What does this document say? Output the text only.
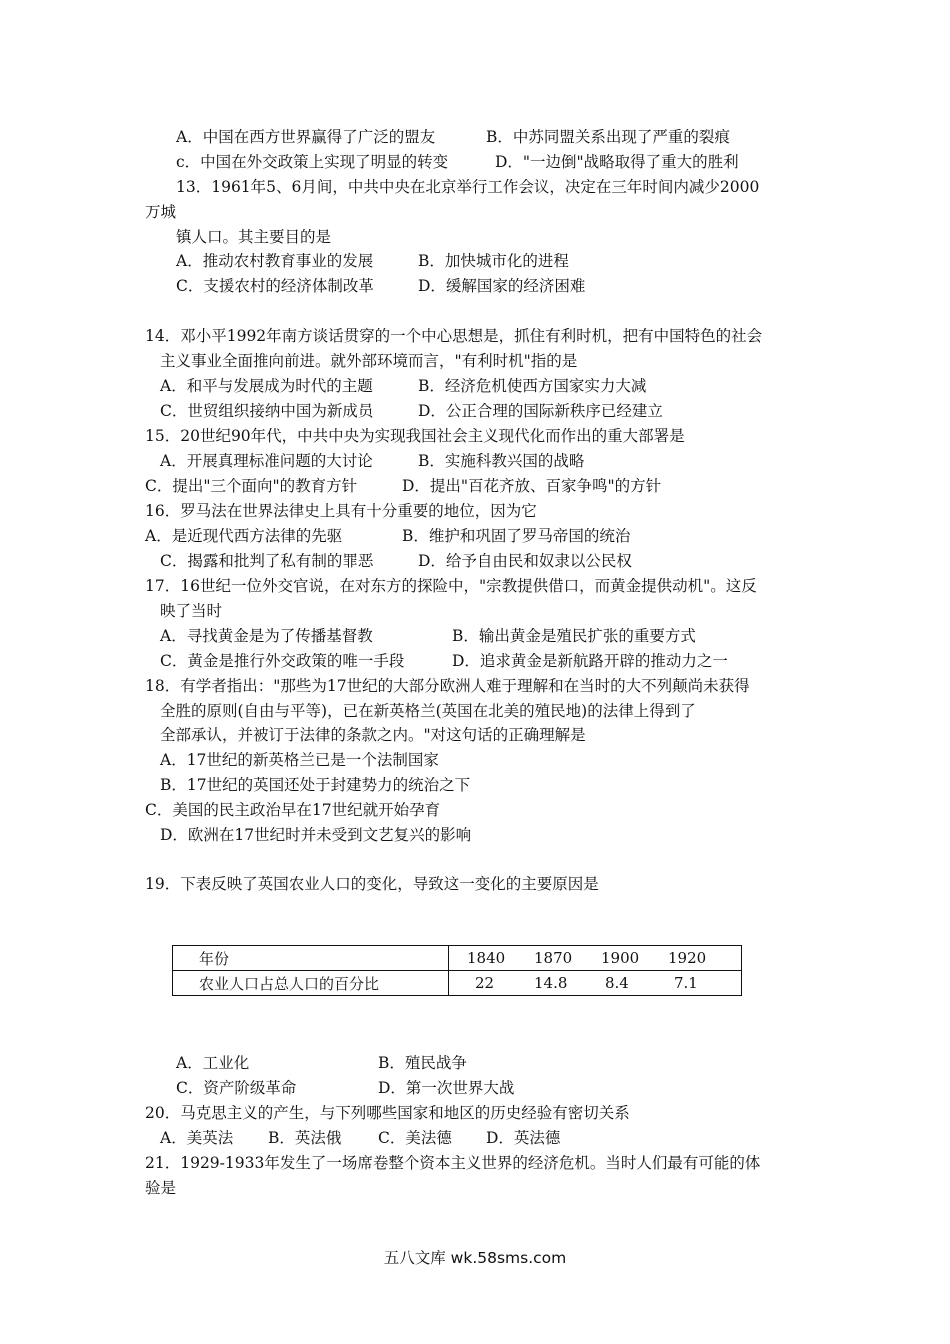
A．中国在西方世界赢得了广泛的盟友	B．中苏同盟关系出现了严重的裂痕
c．中国在外交政策上实现了明显的转变	D．"一边倒"战略取得了重大的胜利
13．1961年5、6月间，中共中央在北京举行工作会议，决定在三年时间内减少2000
万城
镇人口。其主要目的是
A．推动农村教育事业的发展	B．加快城市化的进程
C．支援农村的经济体制改革	D．缓解国家的经济困难
14．邓小平1992年南方谈话贯穿的一个中心思想是，抓住有利时机，把有中国特色的社会
主义事业全面推向前进。就外部环境而言，"有利时机"指的是
A．和平与发展成为时代的主题	B．经济危机使西方国家实力大减
C．世贸组织接纳中国为新成员	D．公正合理的国际新秩序已经建立
15．20世纪90年代，中共中央为实现我国社会主义现代化而作出的重大部署是
A．开展真理标准问题的大讨论	B．实施科教兴国的战略
C．提出"三个面向"的教育方针	D．提出"百花齐放、百家争鸣"的方针
16．罗马法在世界法律史上具有十分重要的地位，因为它
A．是近现代西方法律的先驱	B．维护和巩固了罗马帝国的统治
C．揭露和批判了私有制的罪恶	D．给予自由民和奴隶以公民权
17．16世纪一位外交官说，在对东方的探险中，"宗教提供借口，而黄金提供动机"。这反
映了当时
A．寻找黄金是为了传播基督教	B．输出黄金是殖民扩张的重要方式
C．黄金是推行外交政策的唯一手段	D．追求黄金是新航路开辟的推动力之一
18．有学者指出："那些为17世纪的大部分欧洲人难于理解和在当时的大不列颠尚未获得
全胜的原则(自由与平等)，已在新英格兰(英国在北美的殖民地)的法律上得到了
全部承认，并被订于法律的条款之内。"对这句话的正确理解是
A．17世纪的新英格兰已是一个法制国家
B．17世纪的英国还处于封建势力的统治之下
C．美国的民主政治早在17世纪就开始孕育
D．欧洲在17世纪时并未受到文艺复兴的影响
19．下表反映了英国农业人口的变化，导致这一变化的主要原因是
年份	1840 1870 1900 1920

农业人口占总人口的百分比	22 14.8 8.4 7.1
A．工业化	B．殖民战争
C．资产阶级革命	D．第一次世界大战
20．马克思主义的产生，与下列哪些国家和地区的历史经验有密切关系
A．美英法 B．英法俄 C．美法德 D．英法德
21．1929-1933年发生了一场席卷整个资本主义世界的经济危机。当时人们最有可能的体
验是
五八文库 wk.58sms.com
